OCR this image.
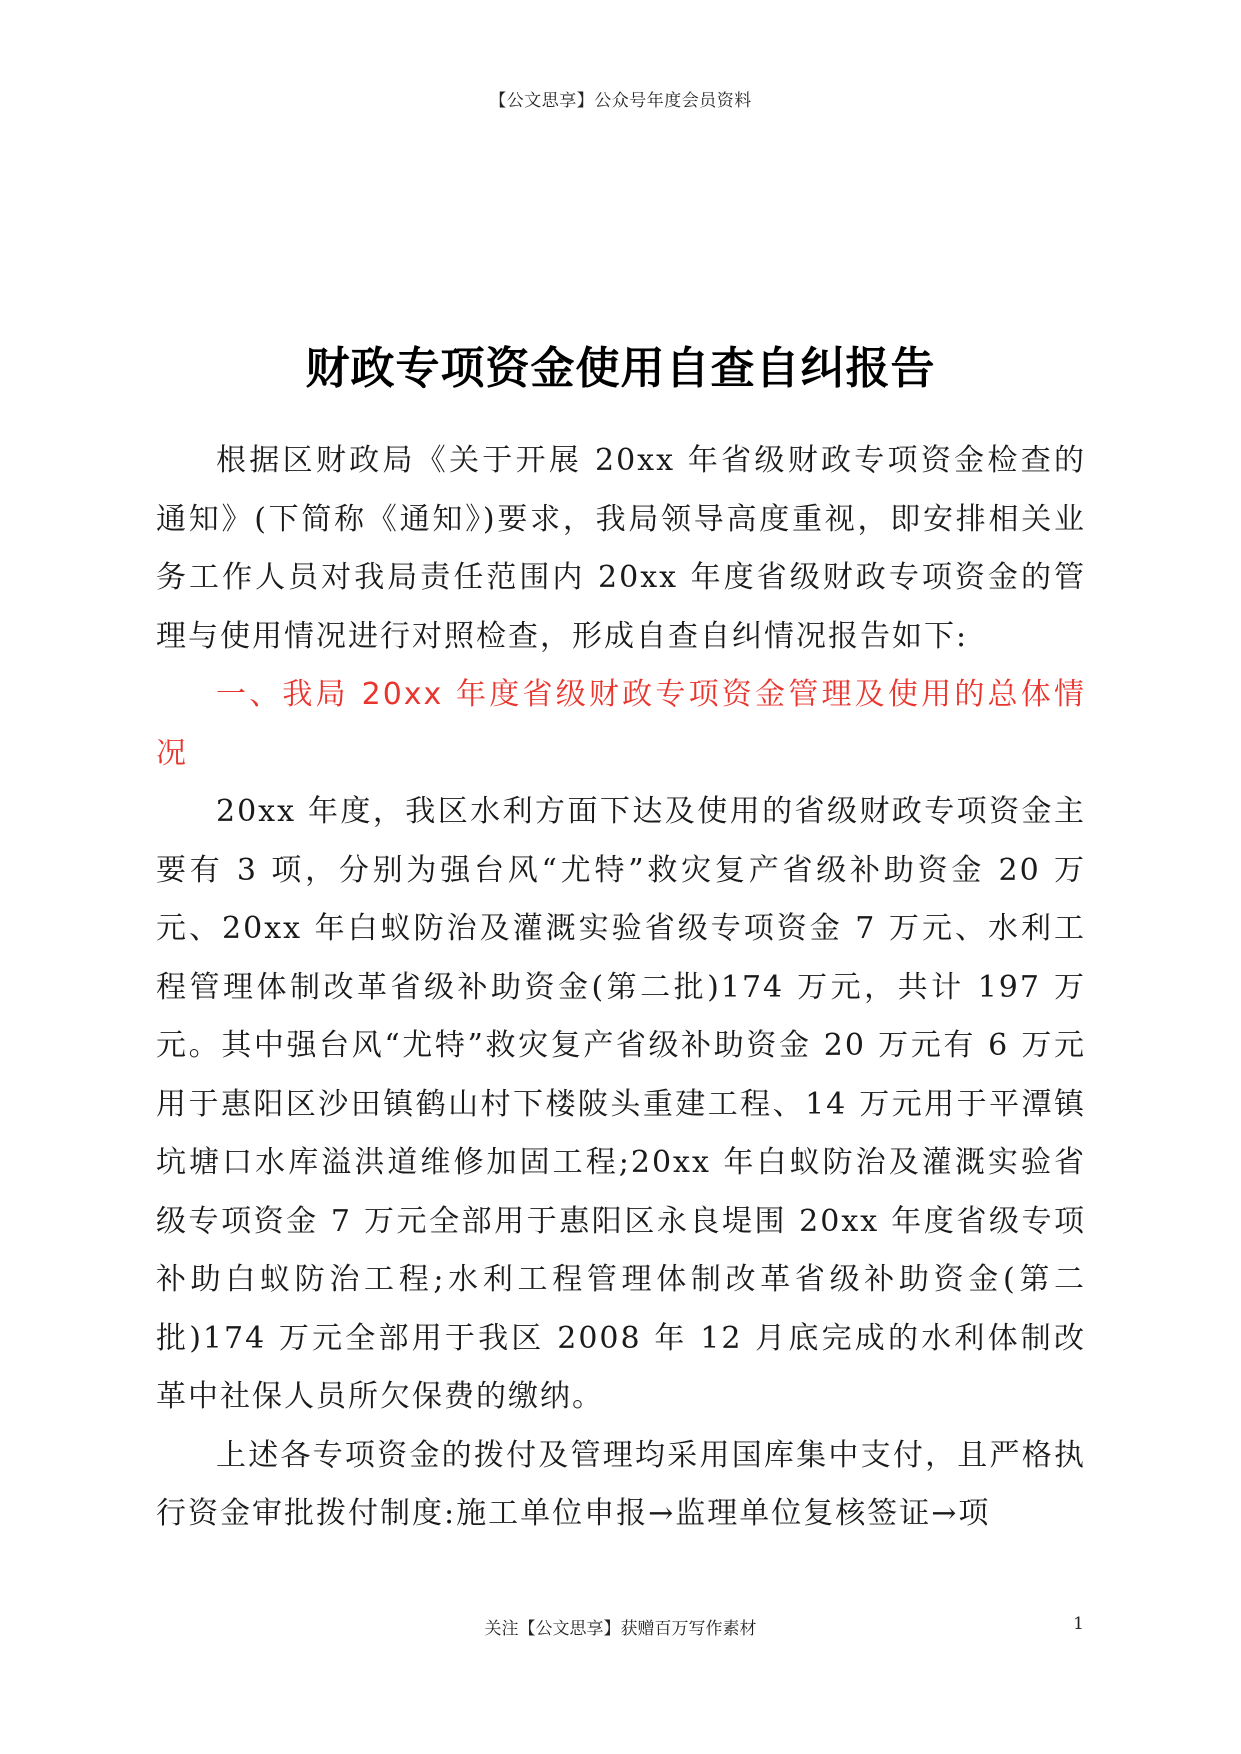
【公文思享】公众号年度会员资料
财政专项资金使用自查自纠报告

根据区财政局《关于开展 20xx 年省级财政专项资金检查的通知》(下简称《通知》)要求，我局领导高度重视，即安排相关业务工作人员对我局责任范围内 20xx 年度省级财政专项资金的管理与使用情况进行对照检查，形成自查自纠情况报告如下:

一、我局 20xx 年度省级财政专项资金管理及使用的总体情况

20xx 年度，我区水利方面下达及使用的省级财政专项资金主要有 3 项，分别为强台风“尤特”救灾复产省级补助资金 20 万元、20xx 年白蚁防治及灌溉实验省级专项资金 7 万元、水利工程管理体制改革省级补助资金(第二批)174 万元，共计 197 万元。其中强台风“尤特”救灾复产省级补助资金 20 万元有 6 万元用于惠阳区沙田镇鹤山村下楼陂头重建工程、14 万元用于平潭镇坑塘口水库溢洪道维修加固工程;20xx 年白蚁防治及灌溉实验省级专项资金 7 万元全部用于惠阳区永良堤围 20xx 年度省级专项补助白蚁防治工程;水利工程管理体制改革省级补助资金(第二批)174 万元全部用于我区 2008 年 12 月底完成的水利体制改革中社保人员所欠保费的缴纳。

上述各专项资金的拨付及管理均采用国库集中支付，且严格执行资金审批拨付制度:施工单位申报→监理单位复核签证→项

关注【公文思享】获赠百万写作素材	1
